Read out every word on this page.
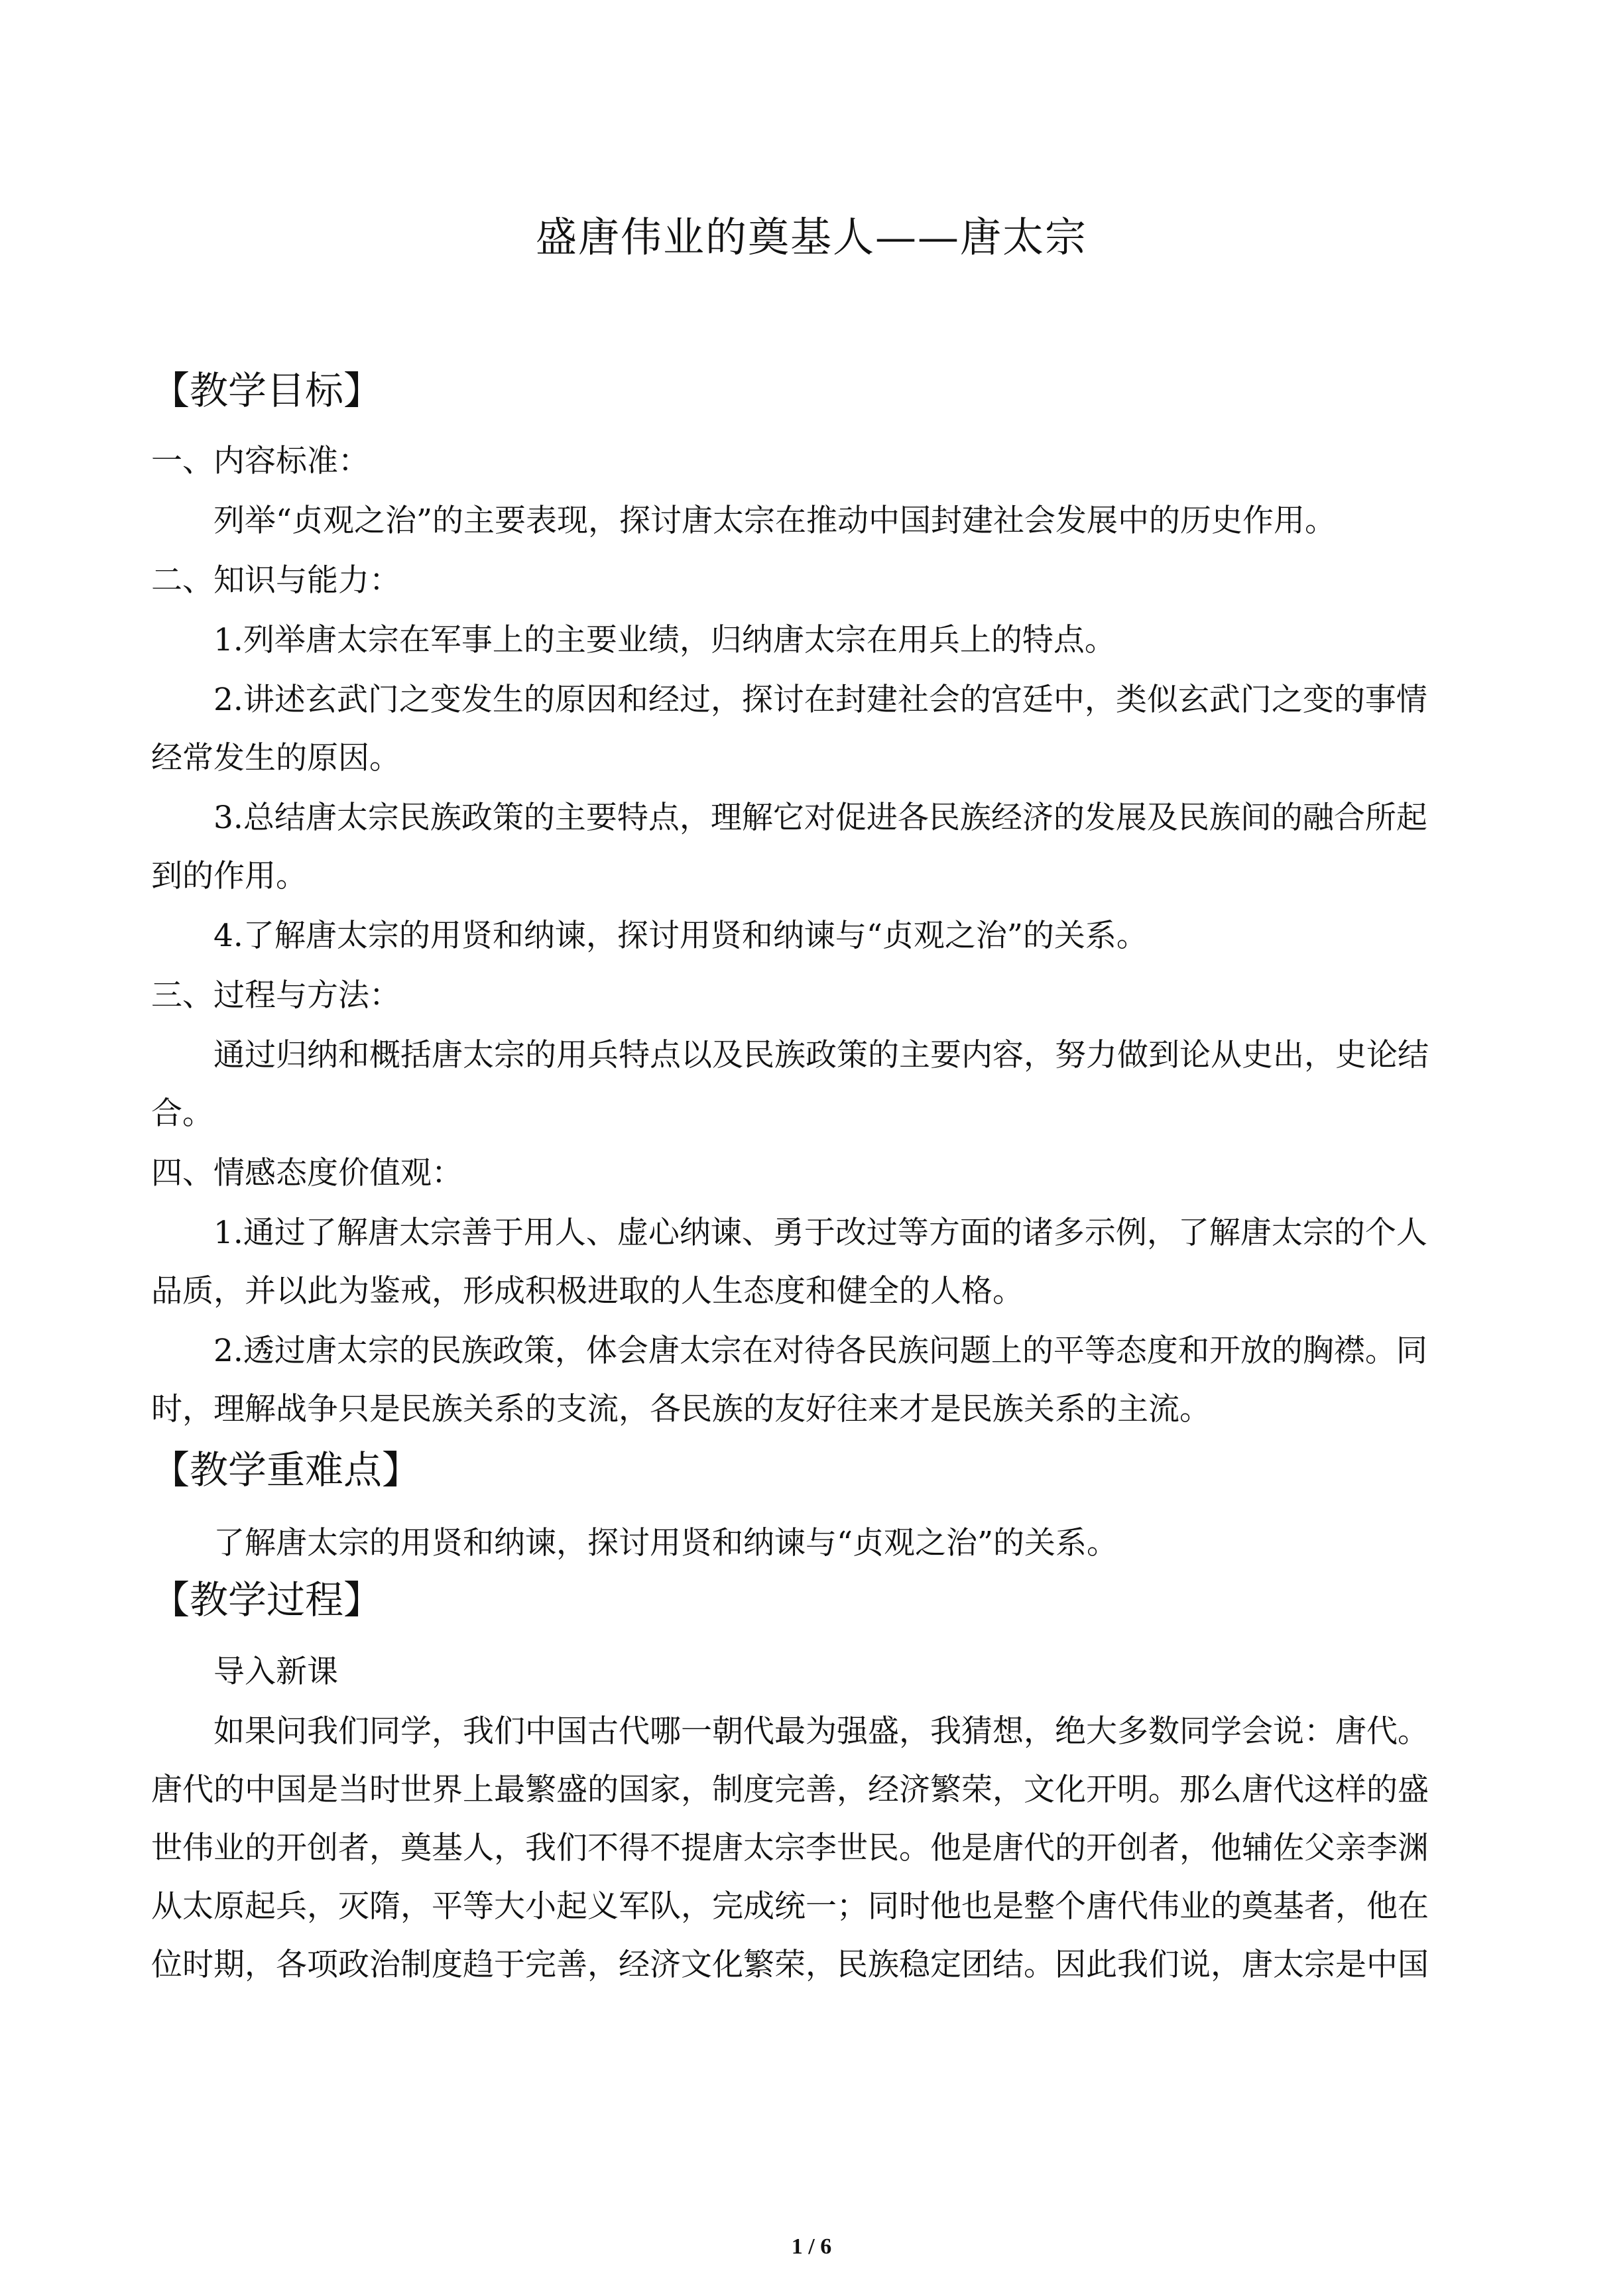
盛唐伟业的奠基人——唐太宗
【教学目标】

一、内容标准：

列举“贞观之治”的主要表现，探讨唐太宗在推动中国封建社会发展中的历史作用。

二、知识与能力：

1.列举唐太宗在军事上的主要业绩，归纳唐太宗在用兵上的特点。

2.讲述玄武门之变发生的原因和经过，探讨在封建社会的宫廷中，类似玄武门之变的事情

经常发生的原因。

3.总结唐太宗民族政策的主要特点，理解它对促进各民族经济的发展及民族间的融合所起

到的作用。

4.了解唐太宗的用贤和纳谏，探讨用贤和纳谏与“贞观之治”的关系。

三、过程与方法：

通过归纳和概括唐太宗的用兵特点以及民族政策的主要内容，努力做到论从史出，史论结

合。

四、情感态度价值观：

1.通过了解唐太宗善于用人、虚心纳谏、勇于改过等方面的诸多示例，了解唐太宗的个人

品质，并以此为鉴戒，形成积极进取的人生态度和健全的人格。

2.透过唐太宗的民族政策，体会唐太宗在对待各民族问题上的平等态度和开放的胸襟。同

时，理解战争只是民族关系的支流，各民族的友好往来才是民族关系的主流。

【教学重难点】

了解唐太宗的用贤和纳谏，探讨用贤和纳谏与“贞观之治”的关系。

【教学过程】

导入新课

如果问我们同学，我们中国古代哪一朝代最为强盛，我猜想，绝大多数同学会说：唐代。

唐代的中国是当时世界上最繁盛的国家，制度完善，经济繁荣，文化开明。那么唐代这样的盛

世伟业的开创者，奠基人，我们不得不提唐太宗李世民。他是唐代的开创者，他辅佐父亲李渊

从太原起兵，灭隋，平等大小起义军队，完成统一；同时他也是整个唐代伟业的奠基者，他在

位时期，各项政治制度趋于完善，经济文化繁荣，民族稳定团结。因此我们说，唐太宗是中国

1 / 6
